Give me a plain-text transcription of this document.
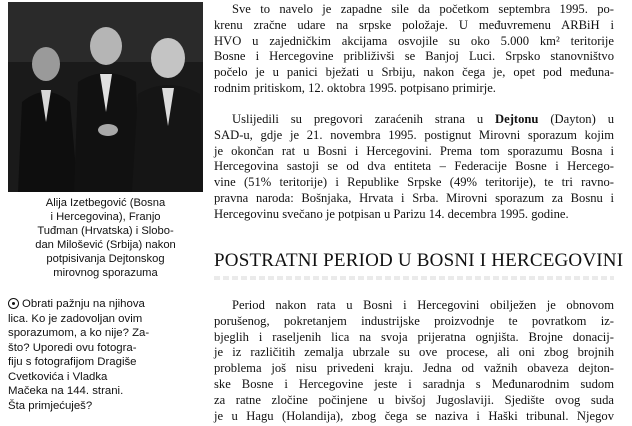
Alija Izetbegović (Bosna
i Hercegovina), Franjo
Tuđman (Hrvatska) i Slobo-
dan Milošević (Srbija) nakon
potpisivanja Dejtonskog
mirovnog sporazuma
Obrati pažnju na njihova
lica. Ko je zadovoljan ovim
sporazumom, a ko nije? Za-
što? Uporedi ovu fotogra-
fiju s fotografijom Dragiše
Cvetkovića i Vladka
Mačeka na 144. strani.
Šta primjećuješ?
Sve to navelo je zapadne sile da početkom septembra 1995. po-
krenu zračne udare na srpske položaje. U međuvremenu ARBiH i
HVO u zajedničkim akcijama osvojile su oko 5.000 km² teritorije
Bosne i Hercegovine približivši se Banjoj Luci. Srpsko stanovništvo
počelo je u panici bježati u Srbiju, nakon čega je, opet pod međuna-
rodnim pritiskom, 12. oktobra 1995. potpisano primirje.
Uslijedili su pregovori zaraćenih strana u Dejtonu (Dayton) u
SAD-u, gdje je 21. novembra 1995. postignut Mirovni sporazum kojim
je okončan rat u Bosni i Hercegovini. Prema tom sporazumu Bosna i
Hercegovina sastoji se od dva entiteta – Federacije Bosne i Hercego-
vine (51% teritorije) i Republike Srpske (49% teritorije), te tri ravno-
pravna naroda: Bošnjaka, Hrvata i Srba. Mirovni sporazum za Bosnu i
Hercegovinu svečano je potpisan u Parizu 14. decembra 1995. godine.
POSTRATNI PERIOD U BOSNI I HERCEGOVINI
Period nakon rata u Bosni i Hercegovini obilježen je obnovom
porušenog, pokretanjem industrijske proizvodnje te povratkom iz-
bjeglih i raseljenih lica na svoja prijeratna ognjišta. Brojne donacij-
je iz različitih zemalja ubrzale su ove procese, ali oni zbog brojnih
problema još nisu privedeni kraju. Jedna od važnih obaveza dejton-
ske Bosne i Hercegovine jeste i saradnja s Međunarodnim sudom
za ratne zločine počinjene u bivšoj Jugoslaviji. Sjedište ovog suda
je u Hagu (Holandija), zbog čega se naziva i Haški tribunal. Njegov
